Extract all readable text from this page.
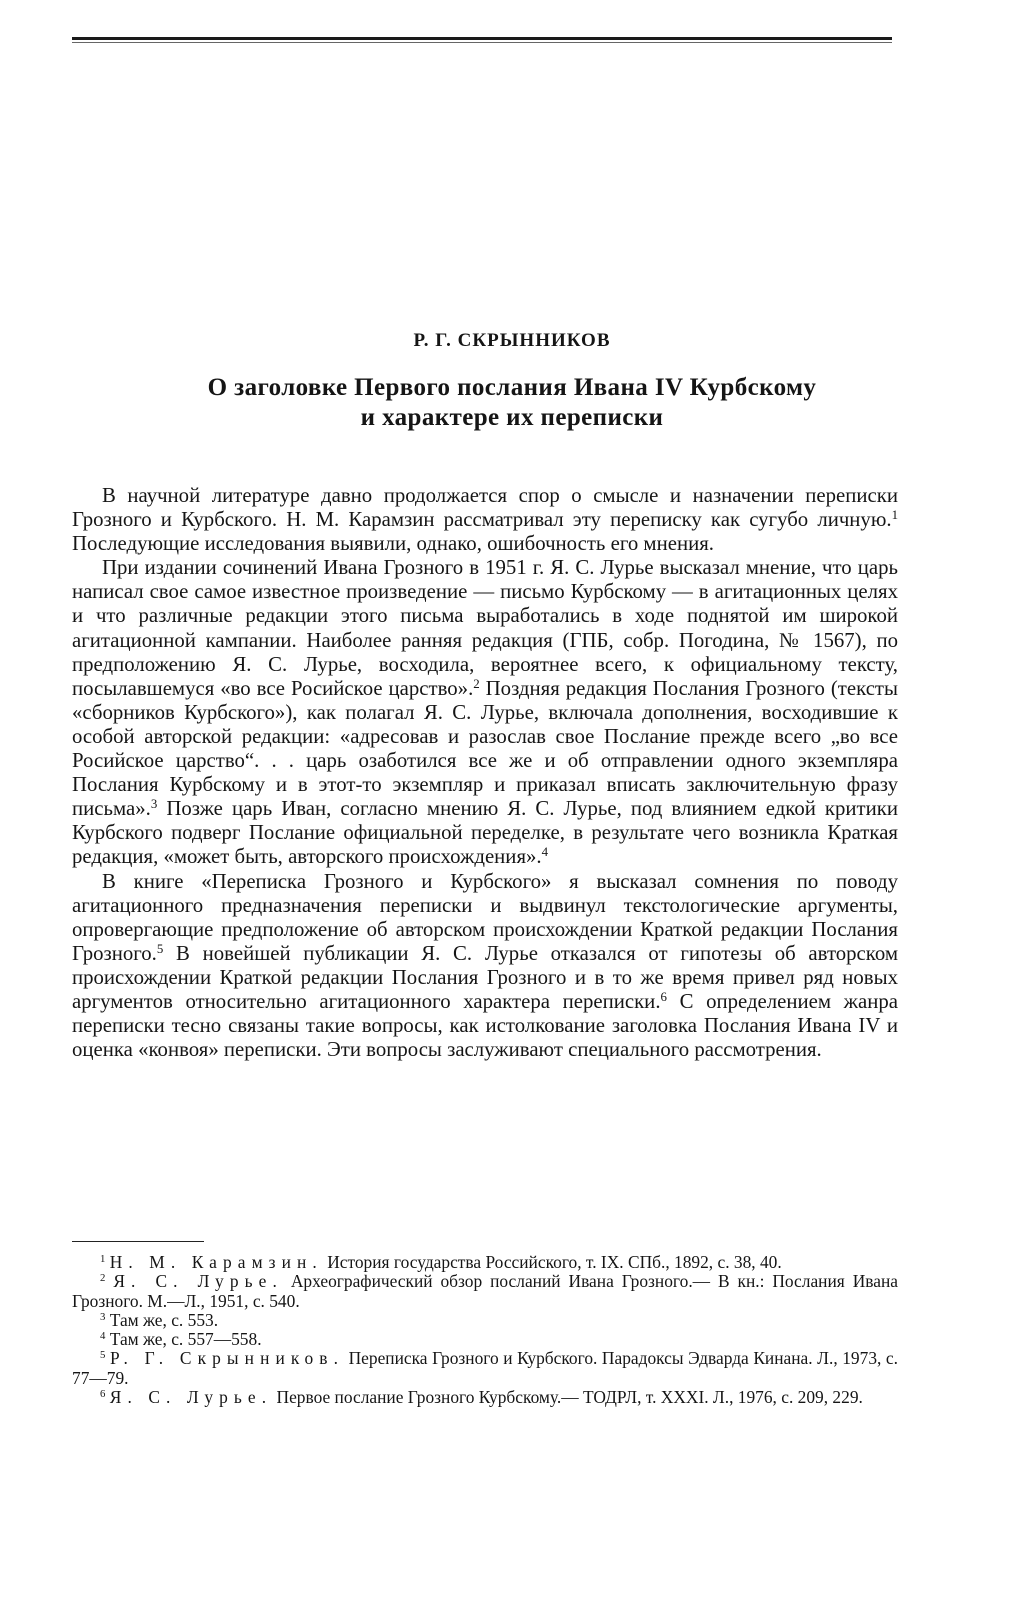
Р. Г. СКРЫННИКОВ
О заголовке Первого послания Ивана IV Курбскому
и характере их переписки

В научной литературе давно продолжается спор о смысле и назначении переписки Грозного и Курбского. Н. М. Карамзин рассматривал эту переписку как сугубо личную.$^1$ Последующие исследования выявили, однако, ошибочность его мнения.

При издании сочинений Ивана Грозного в 1951 г. Я. С. Лурье высказал мнение, что царь написал свое самое известное произведение — письмо Курбскому — в агитационных целях и что различные редакции этого письма выработались в ходе поднятой им широкой агитационной кампании. Наиболее ранняя редакция (ГПБ, собр. Погодина, № 1567), по предположению Я. С. Лурье, восходила, вероятнее всего, к официальному тексту, посылавшемуся «во все Росийское царство».$^2$ Поздняя редакция Послания Грозного (тексты «сборников Курбского»), как полагал Я. С. Лурье, включала дополнения, восходившие к особой авторской редакции: «адресовав и разослав свое Послание прежде всего „во все Росийское царство“. . . царь озаботился все же и об отправлении одного экземпляра Послания Курбскому и в этот-то экземпляр и приказал вписать заключительную фразу письма».$^3$ Позже царь Иван, согласно мнению Я. С. Лурье, под влиянием едкой критики Курбского подверг Послание официальной переделке, в результате чего возникла Краткая редакция, «может быть, авторского происхождения».$^4$

В книге «Переписка Грозного и Курбского» я высказал сомнения по поводу агитационного предназначения переписки и выдвинул текстологические аргументы, опровергающие предположение об авторском происхождении Краткой редакции Послания Грозного.$^5$ В новейшей публикации Я. С. Лурье отказался от гипотезы об авторском происхождении Краткой редакции Послания Грозного и в то же время привел ряд новых аргументов относительно агитационного характера переписки.$^6$ С определением жанра переписки тесно связаны такие вопросы, как истолкование заголовка Послания Ивана IV и оценка «конвоя» переписки. Эти вопросы заслуживают специального рассмотрения.

$^1$ Н. М. Карамзин. История государства Российского, т. IX. СПб., 1892, с. 38, 40.
$^2$ Я. С. Лурье. Археографический обзор посланий Ивана Грозного.— В кн.: Послания Ивана Грозного. М.—Л., 1951, с. 540.
$^3$ Там же, с. 553.
$^4$ Там же, с. 557—558.
$^5$ Р. Г. Скрынников. Переписка Грозного и Курбского. Парадоксы Эдварда Кинана. Л., 1973, с. 77—79.
$^6$ Я. С. Лурье. Первое послание Грозного Курбскому.— ТОДРЛ, т. XXXI. Л., 1976, с. 209, 229.
